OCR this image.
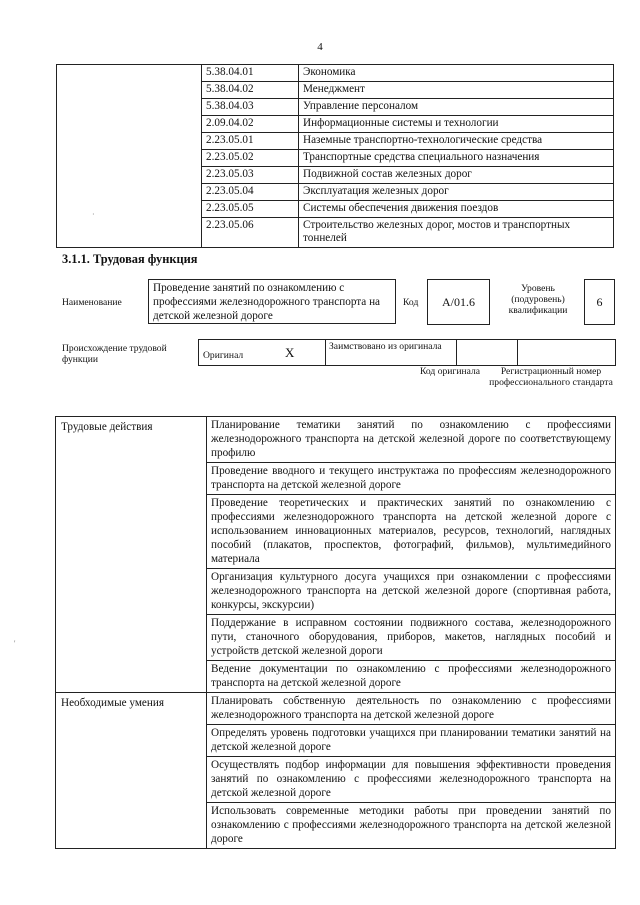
4
	5.38.04.01	Экономика
	5.38.04.02	Менеджмент
	5.38.04.03	Управление персоналом
	2.09.04.02	Информационные системы и технологии
	2.23.05.01	Наземные транспортно-технологические средства
	2.23.05.02	Транспортные средства специального назначения
	2.23.05.03	Подвижной состав железных дорог
	2.23.05.04	Эксплуатация железных дорог
	2.23.05.05	Системы обеспечения движения поездов
	2.23.05.06	Строительство железных дорог, мостов и транспортных тоннелей
·
'
3.1.1. Трудовая функция
Наименование
Проведение занятий по ознакомлению с профессиями железнодорожного транспорта на детской железной дороге
Код A/01.6
Уровень (подуровень) квалификации
6
Происхождение трудовой функции	Оригинал	X	Заимствовано из оригинала

Код оригинала	Регистрационный номер профессионального стандарта
Трудовые действия	Планирование тематики занятий по ознакомлению с профессиями железнодорожного транспорта на детской железной дороге по соответствующему профилю
	Проведение вводного и текущего инструктажа по профессиям железнодорожного транспорта на детской железной дороге
	Проведение теоретических и практических занятий по ознакомлению с профессиями железнодорожного транспорта на детской железной дороге с использованием инновационных материалов, ресурсов, технологий, наглядных пособий (плакатов, проспектов, фотографий, фильмов), мультимедийного материала
	Организация культурного досуга учащихся при ознакомлении с профессиями железнодорожного транспорта на детской железной дороге (спортивная работа, конкурсы, экскурсии)
	Поддержание в исправном состоянии подвижного состава, железнодорожного пути, станочного оборудования, приборов, макетов, наглядных пособий и устройств детской железной дороги
	Ведение документации по ознакомлению с профессиями железнодорожного транспорта на детской железной дороге
Необходимые умения	Планировать собственную деятельность по ознакомлению с профессиями железнодорожного транспорта на детской железной дороге
	Определять уровень подготовки учащихся при планировании тематики занятий на детской железной дороге
	Осуществлять подбор информации для повышения эффективности проведения занятий по ознакомлению с профессиями железнодорожного транспорта на детской железной дороге
	Использовать современные методики работы при проведении занятий по ознакомлению с профессиями железнодорожного транспорта на детской железной дороге
